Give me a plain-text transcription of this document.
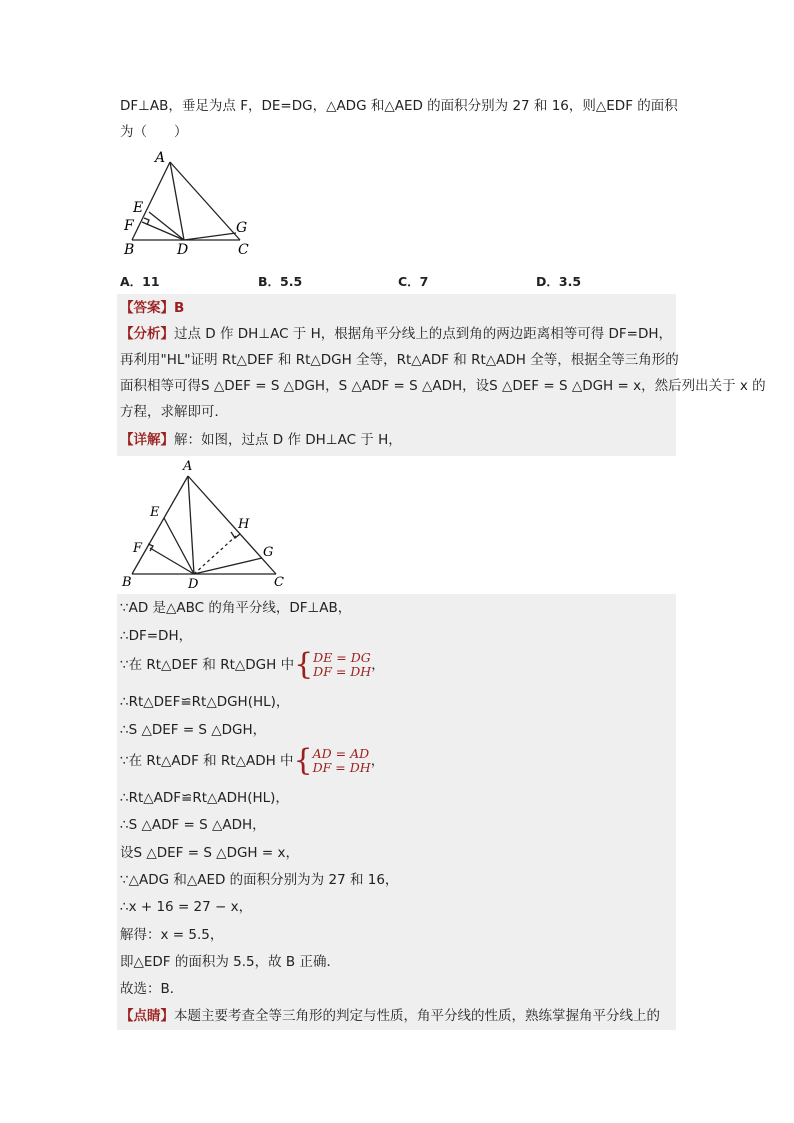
DF⊥AB，垂足为点 F，DE=DG，△ADG 和△AED 的面积分别为 27 和 16，则△EDF 的面积
为（　　）
A
E
F
B	D
G
C
A．11	B．5.5	C．7	D．3.5
【答案】B
【分析】过点 D 作 DH⊥AC 于 H，根据角平分线上的点到角的两边距离相等可得 DF=DH，
再利用"HL"证明 Rt△DEF 和 Rt△DGH 全等，Rt△ADF 和 Rt△ADH 全等，根据全等三角形的
面积相等可得S △DEF = S △DGH，S △ADF = S △ADH，设S △DEF = S △DGH = x，然后列出关于 x 的
方程，求解即可．
【详解】解：如图，过点 D 作 DH⊥AC 于 H，
A
E
F
B	D
H
G
C
∵AD 是△ABC 的角平分线，DF⊥AB，
∴DF=DH，
∵在 Rt△DEF 和 Rt△DGH 中 { DE = DG
DF = DH ，
∴Rt△DEF≌Rt△DGH(HL)，
∴S △DEF = S △DGH，
∵在 Rt△ADF 和 Rt△ADH 中 { AD = AD
DF = DH ，
∴Rt△ADF≌Rt△ADH(HL)，
∴S △ADF = S △ADH，
设S △DEF = S △DGH = x，
∵△ADG 和△AED 的面积分别为为 27 和 16，
∴x + 16 = 27 − x，
解得：x = 5.5，
即△EDF 的面积为 5.5，故 B 正确．
故选：B．
【点睛】本题主要考查全等三角形的判定与性质，角平分线的性质，熟练掌握角平分线上的
